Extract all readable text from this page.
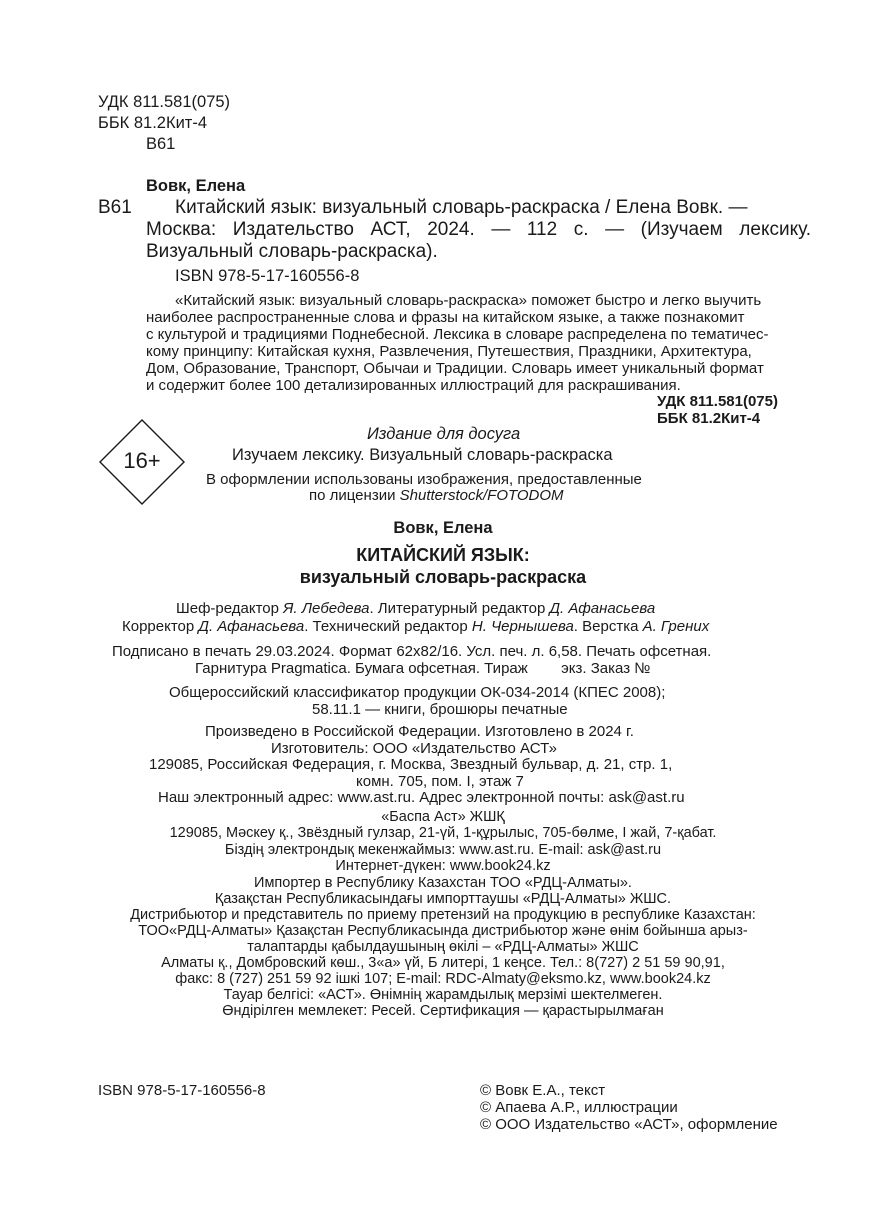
УДК 811.581(075)
ББК 81.2Кит-4
В61
Вовк, Елена
В61 Китайский язык: визуальный словарь-раскраска / Елена Вовк. —
Москва: Издательство АСТ, 2024. — 112 с. — (Изучаем лексику.
Визуальный словарь-раскраска).
ISBN 978-5-17-160556-8
«Китайский язык: визуальный словарь-раскраска» поможет быстро и легко выучить
наиболее распространенные слова и фразы на китайском языке, а также познакомит
с культурой и традициями Поднебесной. Лексика в словаре распределена по тематичес-
кому принципу: Китайская кухня, Развлечения, Путешествия, Праздники, Архитектура,
Дом, Образование, Транспорт, Обычаи и Традиции. Словарь имеет уникальный формат
и содержит более 100 детализированных иллюстраций для раскрашивания.
УДК 811.581(075)
ББК 81.2Кит-4
Издание для досуга
16+	Изучаем лексику. Визуальный словарь-раскраска
В оформлении использованы изображения, предоставленные
по лицензии Shutterstock/FOTODOM
Вовк, Елена
КИТАЙСКИЙ ЯЗЫК:
визуальный словарь-раскраска
Шеф-редактор Я. Лебедева. Литературный редактор Д. Афанасьева
Корректор Д. Афанасьева. Технический редактор Н. Чернышева. Верстка А. Грених
Подписано в печать 29.03.2024. Формат 62х82/16. Усл. печ. л. 6,58. Печать офсетная.
Гарнитура Pragmatica. Бумага офсетная. Тираж        экз. Заказ №
Общероссийский классификатор продукции ОК-034-2014 (КПЕС 2008);
58.11.1 — книги, брошюры печатные
Произведено в Российской Федерации. Изготовлено в 2024 г.
Изготовитель: ООО «Издательство АСТ»
129085, Российская Федерация, г. Москва, Звездный бульвар, д. 21, стр. 1,
комн. 705, пом. I, этаж 7
Наш электронный адрес: www.ast.ru. Адрес электронной почты: ask@ast.ru
«Баспа Аст» ЖШҚ
129085, Мәскеу қ., Звёздный гулзар, 21-үй, 1-құрылыс, 705-бөлме, I жай, 7-қабат.
Біздің электрондық мекенжаймыз: www.ast.ru. E-mail: ask@ast.ru
Интернет-дүкен: www.book24.kz
Импортер в Республику Казахстан ТОО «РДЦ-Алматы».
Қазақстан Республикасындағы импорттаушы «РДЦ-Алматы» ЖШС.
Дистрибьютор и представитель по приему претензий на продукцию в республике Казахстан:
ТОО«РДЦ-Алматы» Қазақстан Республикасында дистрибьютор және өнім бойынша арыз-
талаптарды қабылдаушының өкілі – «РДЦ-Алматы» ЖШС
Алматы қ., Домбровский көш., 3«а» үй, Б литері, 1 кеңсе. Тел.: 8(727) 2 51 59 90,91,
факс: 8 (727) 251 59 92 ішкі 107; E-mail: RDC-Almaty@eksmo.kz, www.book24.kz
Тауар белгісі: «АСТ». Өнімнің жарамдылық мерзімі шектелмеген.
Өндірілген мемлекет: Ресей. Сертификация — қарастырылмаған
ISBN 978-5-17-160556-8	© Вовк Е.А., текст
© Апаева А.Р., иллюстрации
© ООО Издательство «АСТ», оформление
